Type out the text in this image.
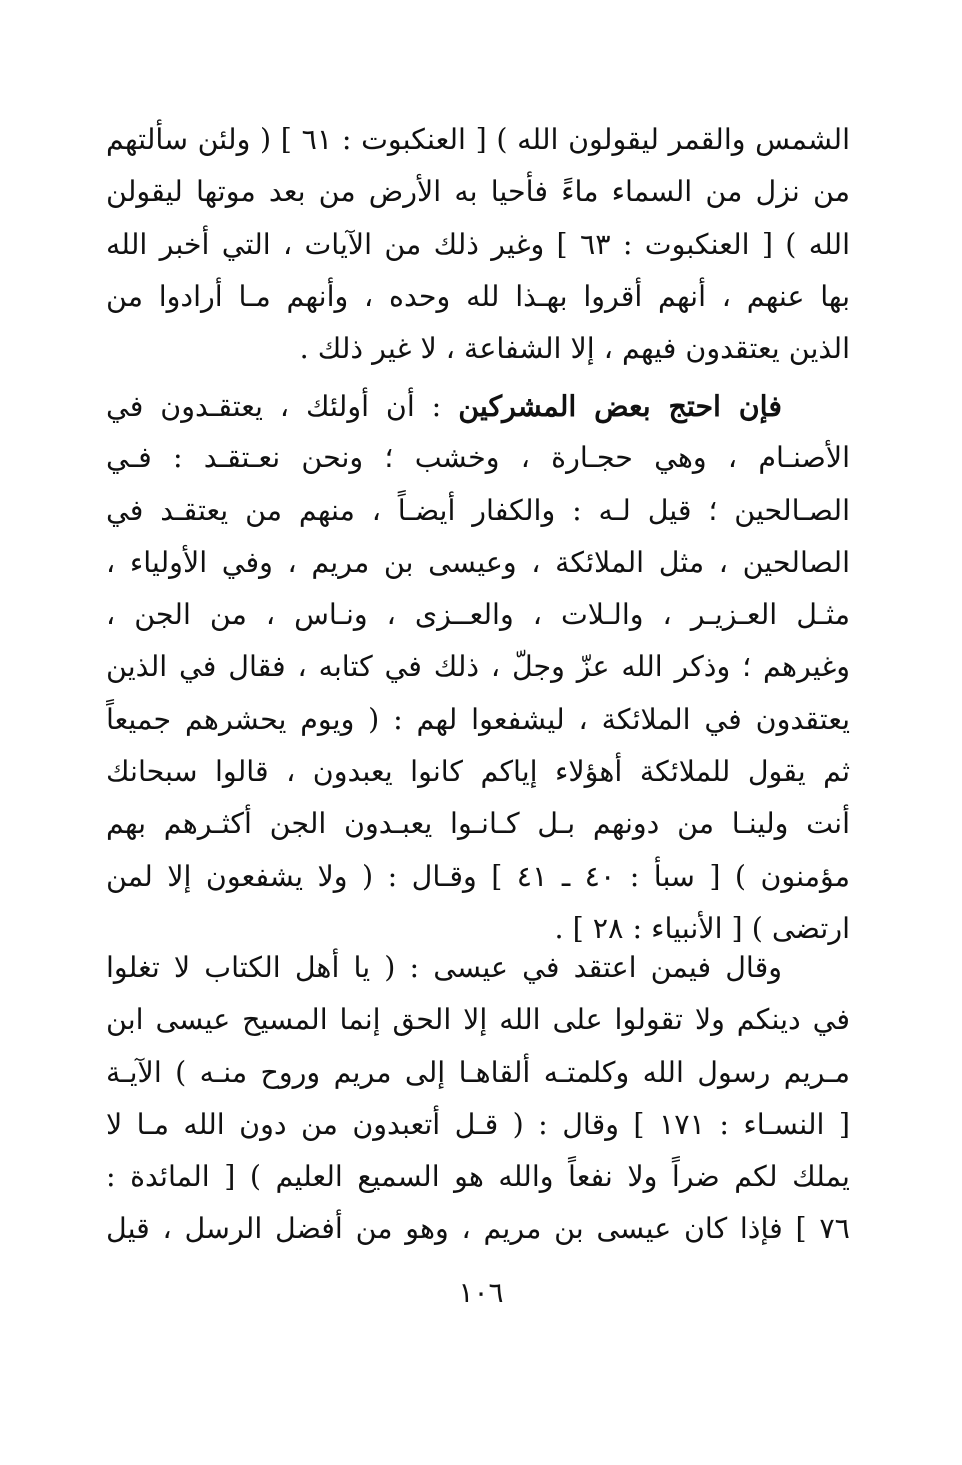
الشمس والقمر ليقولون الله ) [ العنكبوت : ٦١ ] ( ولئن سألتهم
من نزل من السماء ماءً فأحيا به الأرض من بعد موتها ليقولن
الله ) [ العنكبوت : ٦٣ ] وغير ذلك من الآيات ، التي أخبر الله
بها عنهم ، أنهم أقروا بهـذا لله وحده ، وأنهم مـا أرادوا من
الذين يعتقدون فيهم ، إلا الشفاعة ، لا غير ذلك .
فإن احتج بعض المشركين : أن أولئك ، يعتقـدون في
الأصنـام ، وهي حجـارة ، وخشب ؛ ونحن نعـتقـد : فـي
الصـالحين ؛ قيل لـه : والكفار أيضـاً ، منهم من يعتقـد في
الصالحين ، مثل الملائكة ، وعيسى بن مريم ، وفي الأولياء ،
مثـل العـزيـر ، والـلات ، والعــزى ، ونـاس ، من الجن ،
وغيرهم ؛ وذكر الله عزّ وجلّ ، ذلك في كتابه ، فقال في الذين
يعتقدون في الملائكة ، ليشفعوا لهم : ( ويوم يحشرهم جميعاً
ثم يقول للملائكة أهؤلاء إياكم كانوا يعبدون ، قالوا سبحانك
أنت ولينـا من دونهم بـل كـانـوا يعبـدون الجن أكثـرهم بهم
مؤمنون ) [ سبأ : ٤٠ ـ ٤١ ] وقـال : ( ولا يشفعون إلا لمن
ارتضى ) [ الأنبياء : ٢٨ ] .
وقال فيمن اعتقد في عيسى : ( يا أهل الكتاب لا تغلوا
في دينكم ولا تقولوا على الله إلا الحق إنما المسيح عيسى ابن
مـريم رسول الله وكلمتـه ألقاهـا إلى مريم وروح منـه ) الآيـة
[ النسـاء : ١٧١ ] وقال : ( قـل أتعبدون من دون الله مـا لا
يملك لكم ضراً ولا نفعاً والله هو السميع العليم ) [ المائدة :
٧٦ ] فإذا كان عيسى بن مريم ، وهو من أفضل الرسل ، قيل
١٠٦
